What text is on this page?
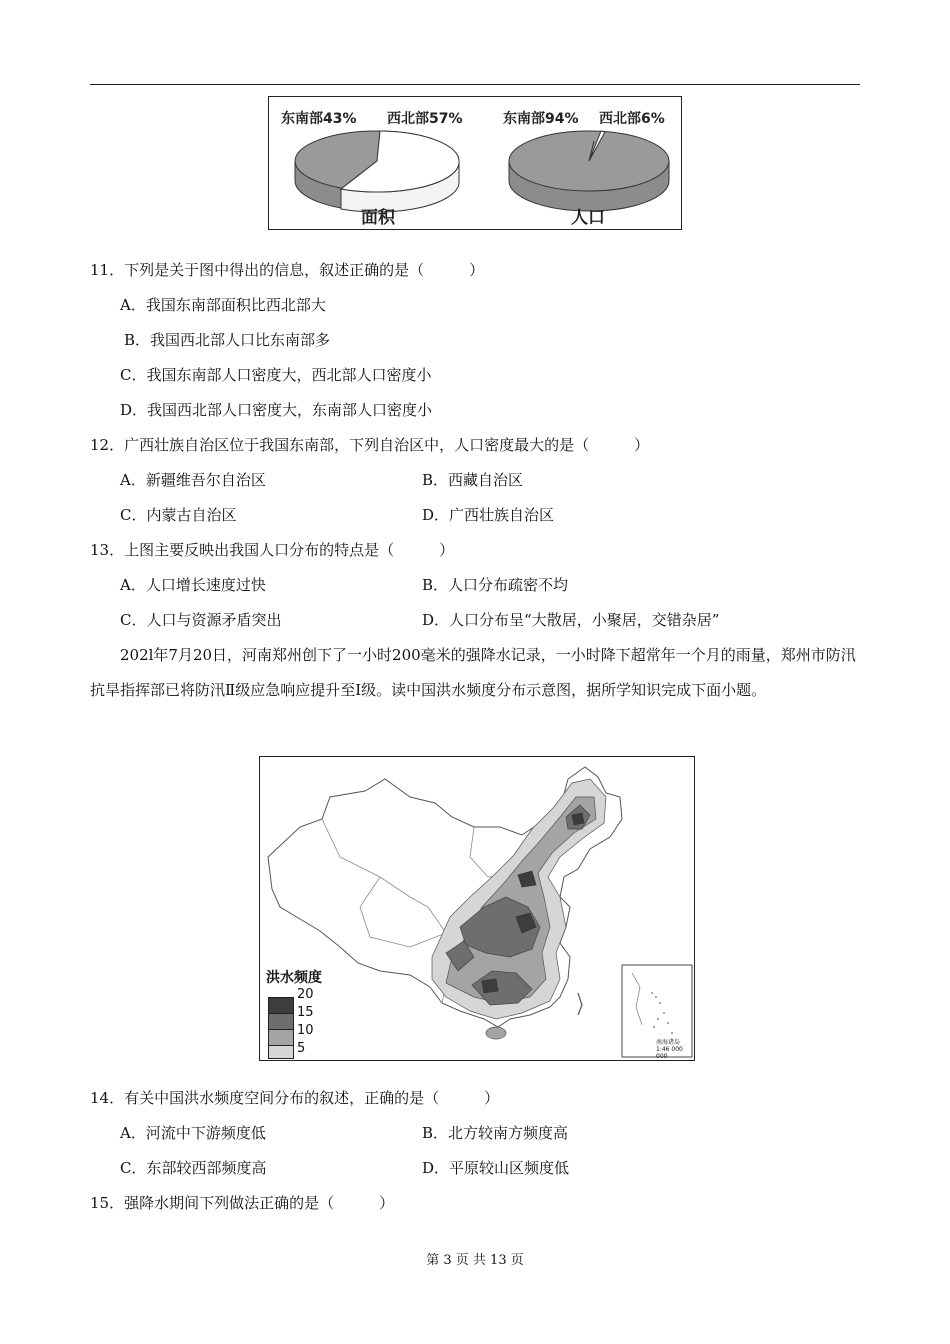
东南部43% 西北部57%	东南部94% 西北部6%
面积	人口
11．下列是关于图中得出的信息，叙述正确的是（　　　）
A．我国东南部面积比西北部大
B．我国西北部人口比东南部多
C．我国东南部人口密度大，西北部人口密度小
D．我国西北部人口密度大，东南部人口密度小
12．广西壮族自治区位于我国东南部，下列自治区中，人口密度最大的是（　　　）
A．新疆维吾尔自治区	B．西藏自治区
C．内蒙古自治区	D．广西壮族自治区
13．上图主要反映出我国人口分布的特点是（　　　）
A．人口增长速度过快	B．人口分布疏密不均
C．人口与资源矛盾突出	D．人口分布呈“大散居，小聚居，交错杂居”
202l年7月20日，河南郑州创下了一小时200毫米的强降水记录，一小时降下超常年一个月的雨量，郑州市防汛抗旱指挥部已将防汛Ⅱ级应急响应提升至Ⅰ级。读中国洪水频度分布示意图，据所学知识完成下面小题。
洪水频度
20
15
10
5	南海诸岛
1:46 000 000
14．有关中国洪水频度空间分布的叙述，正确的是（　　　）
A．河流中下游频度低	B．北方较南方频度高
C．东部较西部频度高	D．平原较山区频度低
15．强降水期间下列做法正确的是（　　　）
第 3 页 共 13 页
